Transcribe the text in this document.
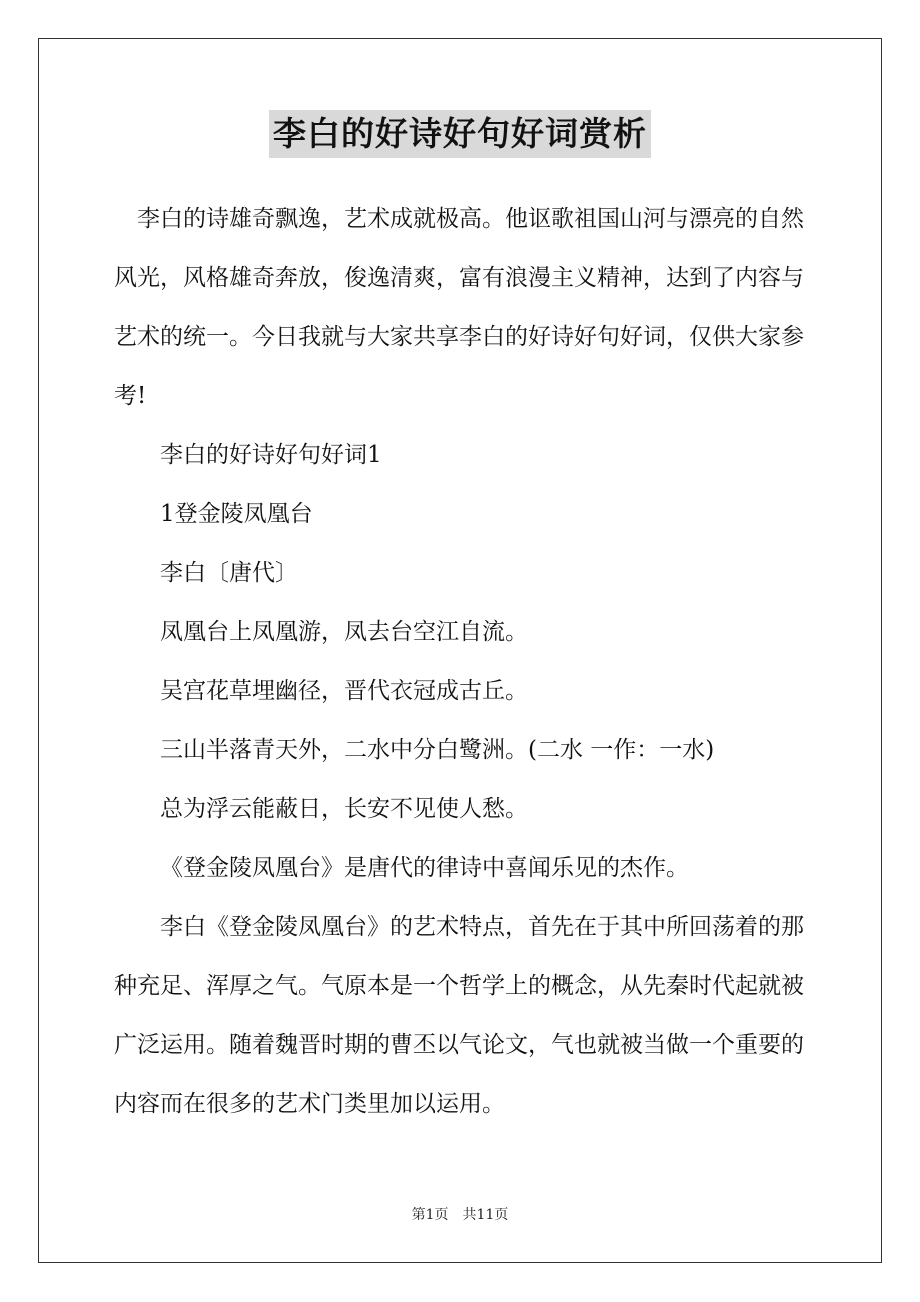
李白的好诗好句好词赏析

李白的诗雄奇飘逸，艺术成就极高。他讴歌祖国山河与漂亮的自然风光，风格雄奇奔放，俊逸清爽，富有浪漫主义精神，达到了内容与艺术的统一。今日我就与大家共享李白的好诗好句好词，仅供大家参考!

李白的好诗好句好词1

1登金陵凤凰台

李白〔唐代〕

凤凰台上凤凰游，凤去台空江自流。

吴宫花草埋幽径，晋代衣冠成古丘。

三山半落青天外，二水中分白鹭洲。(二水 一作：一水)

总为浮云能蔽日，长安不见使人愁。

《登金陵凤凰台》是唐代的律诗中喜闻乐见的杰作。

李白《登金陵凤凰台》的艺术特点，首先在于其中所回荡着的那种充足、浑厚之气。气原本是一个哲学上的概念，从先秦时代起就被广泛运用。随着魏晋时期的曹丕以气论文，气也就被当做一个重要的内容而在很多的艺术门类里加以运用。

第1页　共11页
